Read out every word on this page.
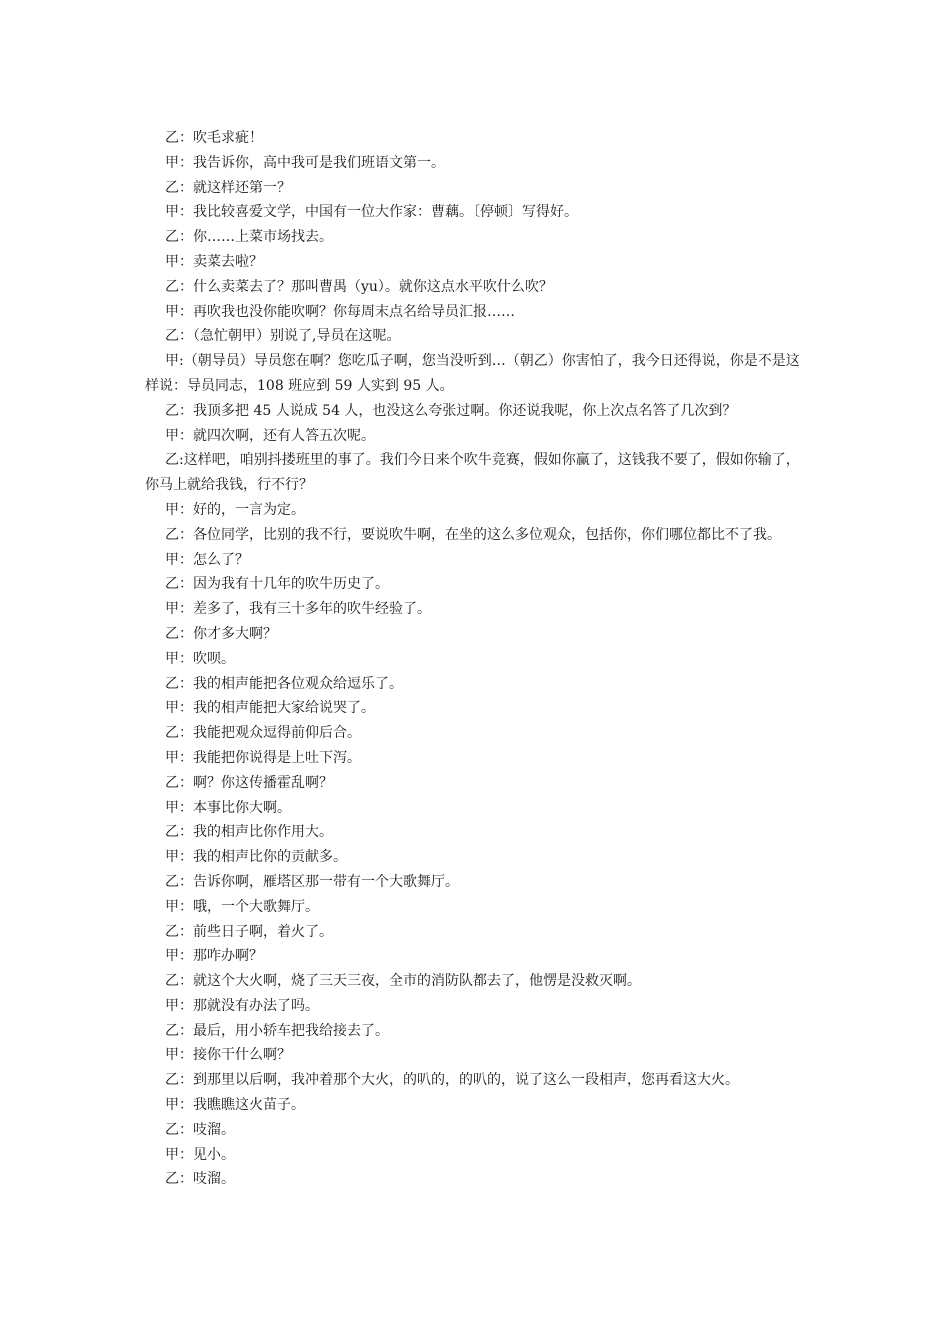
乙：吹毛求疵！

甲：我告诉你，高中我可是我们班语文第一。

乙：就这样还第一？

甲：我比较喜爱文学，中国有一位大作家：曹藕。〔停顿〕写得好。

乙：你……上菜市场找去。

甲：卖菜去啦？

乙：什么卖菜去了？那叫曹禺（yu）。就你这点水平吹什么吹？

甲：再吹我也没你能吹啊？你每周末点名给导员汇报……

乙：（急忙朝甲）别说了,导员在这呢。

甲:（朝导员）导员您在啊？您吃瓜子啊，您当没听到…（朝乙）你害怕了，我今日还得说，你是不是这样说：导员同志，108 班应到 59 人实到 95 人。

乙：我顶多把 45 人说成 54 人，也没这么夸张过啊。你还说我呢，你上次点名答了几次到？

甲：就四次啊，还有人答五次呢。

乙:这样吧，咱别抖搂班里的事了。我们今日来个吹牛竞赛，假如你赢了，这钱我不要了，假如你输了，你马上就给我钱，行不行？

甲：好的，一言为定。

乙：各位同学，比别的我不行，要说吹牛啊，在坐的这么多位观众，包括你，你们哪位都比不了我。

甲：怎么了？

乙：因为我有十几年的吹牛历史了。

甲：差多了，我有三十多年的吹牛经验了。

乙：你才多大啊？

甲：吹呗。

乙：我的相声能把各位观众给逗乐了。

甲：我的相声能把大家给说哭了。

乙：我能把观众逗得前仰后合。

甲：我能把你说得是上吐下泻。

乙：啊？你这传播霍乱啊？

甲：本事比你大啊。

乙：我的相声比你作用大。

甲：我的相声比你的贡献多。

乙：告诉你啊，雁塔区那一带有一个大歌舞厅。

甲：哦，一个大歌舞厅。

乙：前些日子啊，着火了。

甲：那咋办啊？

乙：就这个大火啊，烧了三天三夜，全市的消防队都去了，他愣是没救灭啊。

甲：那就没有办法了吗。

乙：最后，用小轿车把我给接去了。

甲：接你干什么啊？

乙：到那里以后啊，我冲着那个大火，的叭的，的叭的，说了这么一段相声，您再看这大火。

甲：我瞧瞧这火苗子。

乙：吱溜。

甲：见小。

乙：吱溜。
